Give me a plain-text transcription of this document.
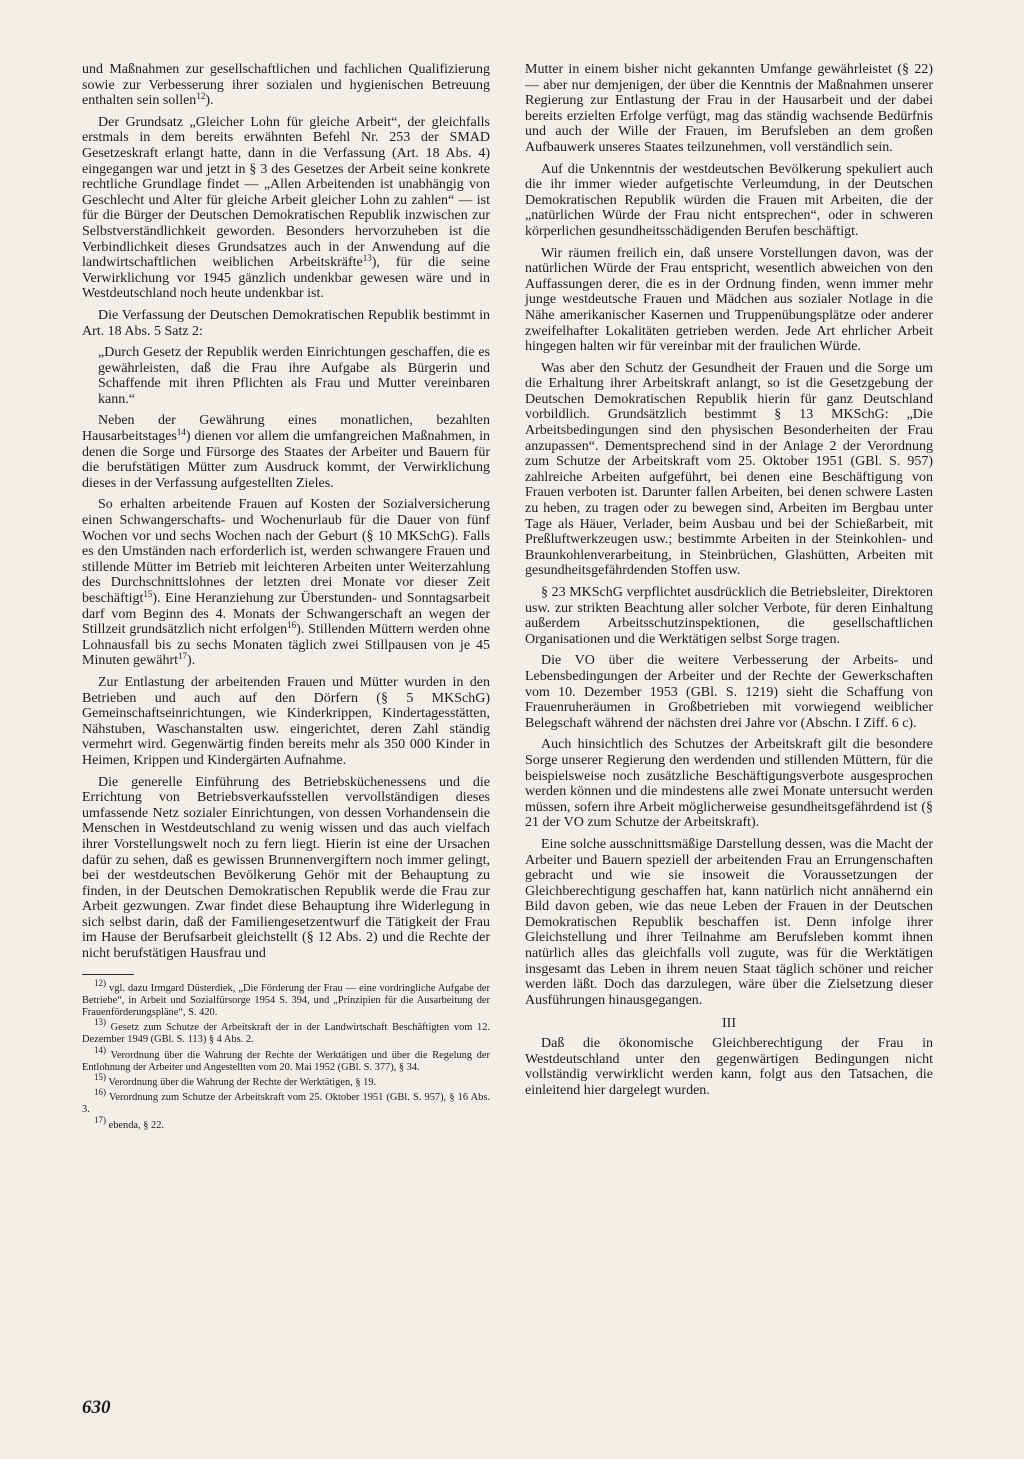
und Maßnahmen zur gesellschaftlichen und fachlichen Qualifizierung sowie zur Verbesserung ihrer sozialen und hygienischen Betreuung enthalten sein sollen$^{12}$).

Der Grundsatz „Gleicher Lohn für gleiche Arbeit“, der gleichfalls erstmals in dem bereits erwähnten Befehl Nr. 253 der SMAD Gesetzeskraft erlangt hatte, dann in die Verfassung (Art. 18 Abs. 4) eingegangen war und jetzt in § 3 des Gesetzes der Arbeit seine konkrete rechtliche Grundlage findet — „Allen Arbeitenden ist unabhängig von Geschlecht und Alter für gleiche Arbeit gleicher Lohn zu zahlen“ — ist für die Bürger der Deutschen Demokratischen Republik inzwischen zur Selbstverständlichkeit geworden. Besonders hervorzuheben ist die Verbindlichkeit dieses Grundsatzes auch in der Anwendung auf die landwirtschaftlichen weiblichen Arbeitskräfte$^{13}$), für die seine Verwirklichung vor 1945 gänzlich undenkbar gewesen wäre und in Westdeutschland noch heute undenkbar ist.

Die Verfassung der Deutschen Demokratischen Republik bestimmt in Art. 18 Abs. 5 Satz 2:

„Durch Gesetz der Republik werden Einrichtungen geschaffen, die es gewährleisten, daß die Frau ihre Aufgabe als Bürgerin und Schaffende mit ihren Pflichten als Frau und Mutter vereinbaren kann.“

Neben der Gewährung eines monatlichen, bezahlten Hausarbeitstages$^{14}$) dienen vor allem die umfangreichen Maßnahmen, in denen die Sorge und Fürsorge des Staates der Arbeiter und Bauern für die berufstätigen Mütter zum Ausdruck kommt, der Verwirklichung dieses in der Verfassung aufgestellten Zieles.

So erhalten arbeitende Frauen auf Kosten der Sozialversicherung einen Schwangerschafts- und Wochenurlaub für die Dauer von fünf Wochen vor und sechs Wochen nach der Geburt (§ 10 MKSchG). Falls es den Umständen nach erforderlich ist, werden schwangere Frauen und stillende Mütter im Betrieb mit leichteren Arbeiten unter Weiterzahlung des Durchschnittslohnes der letzten drei Monate vor dieser Zeit beschäftigt$^{15}$). Eine Heranziehung zur Überstunden- und Sonntagsarbeit darf vom Beginn des 4. Monats der Schwangerschaft an wegen der Stillzeit grundsätzlich nicht erfolgen$^{16}$). Stillenden Müttern werden ohne Lohnausfall bis zu sechs Monaten täglich zwei Stillpausen von je 45 Minuten gewährt$^{17}$).

Zur Entlastung der arbeitenden Frauen und Mütter wurden in den Betrieben und auch auf den Dörfern (§ 5 MKSchG) Gemeinschaftseinrichtungen, wie Kinderkrippen, Kindertagesstätten, Nähstuben, Waschanstalten usw. eingerichtet, deren Zahl ständig vermehrt wird. Gegenwärtig finden bereits mehr als 350 000 Kinder in Heimen, Krippen und Kindergärten Aufnahme.

Die generelle Einführung des Betriebsküchenessens und die Errichtung von Betriebsverkaufsstellen vervollständigen dieses umfassende Netz sozialer Einrichtungen, von dessen Vorhandensein die Menschen in Westdeutschland zu wenig wissen und das auch vielfach ihrer Vorstellungswelt noch zu fern liegt. Hierin ist eine der Ursachen dafür zu sehen, daß es gewissen Brunnenvergiftern noch immer gelingt, bei der westdeutschen Bevölkerung Gehör mit der Behauptung zu finden, in der Deutschen Demokratischen Republik werde die Frau zur Arbeit gezwungen. Zwar findet diese Behauptung ihre Widerlegung in sich selbst darin, daß der Familiengesetzentwurf die Tätigkeit der Frau im Hause der Berufsarbeit gleichstellt (§ 12 Abs. 2) und die Rechte der nicht berufstätigen Hausfrau und

$^{12)}$ vgl. dazu Irmgard Düsterdiek, „Die Förderung der Frau — eine vordringliche Aufgabe der Betriebe“, in Arbeit und Sozialfürsorge 1954 S. 394, und „Prinzipien für die Ausarbeitung der Frauenförderungspläne“, S. 420.

$^{13)}$ Gesetz zum Schutze der Arbeitskraft der in der Landwirtschaft Beschäftigten vom 12. Dezember 1949 (GBl. S. 113) § 4 Abs. 2.

$^{14)}$ Verordnung über die Wahrung der Rechte der Werktätigen und über die Regelung der Entlohnung der Arbeiter und Angestellten vom 20. Mai 1952 (GBl. S. 377), § 34.

$^{15)}$ Verordnung über die Wahrung der Rechte der Werktätigen, § 19.

$^{16)}$ Verordnung zum Schutze der Arbeitskraft vom 25. Oktober 1951 (GBl. S. 957), § 16 Abs. 3.

$^{17)}$ ebenda, § 22.

Mutter in einem bisher nicht gekannten Umfange gewährleistet (§ 22) — aber nur demjenigen, der über die Kenntnis der Maßnahmen unserer Regierung zur Entlastung der Frau in der Hausarbeit und der dabei bereits erzielten Erfolge verfügt, mag das ständig wachsende Bedürfnis und auch der Wille der Frauen, im Berufsleben an dem großen Aufbauwerk unseres Staates teilzunehmen, voll verständlich sein.

Auf die Unkenntnis der westdeutschen Bevölkerung spekuliert auch die ihr immer wieder aufgetischte Verleumdung, in der Deutschen Demokratischen Republik würden die Frauen mit Arbeiten, die der „natürlichen Würde der Frau nicht entsprechen“, oder in schweren körperlichen gesundheitsschädigenden Berufen beschäftigt.

Wir räumen freilich ein, daß unsere Vorstellungen davon, was der natürlichen Würde der Frau entspricht, wesentlich abweichen von den Auffassungen derer, die es in der Ordnung finden, wenn immer mehr junge westdeutsche Frauen und Mädchen aus sozialer Notlage in die Nähe amerikanischer Kasernen und Truppenübungsplätze oder anderer zweifelhafter Lokalitäten getrieben werden. Jede Art ehrlicher Arbeit hingegen halten wir für vereinbar mit der fraulichen Würde.

Was aber den Schutz der Gesundheit der Frauen und die Sorge um die Erhaltung ihrer Arbeitskraft anlangt, so ist die Gesetzgebung der Deutschen Demokratischen Republik hierin für ganz Deutschland vorbildlich. Grundsätzlich bestimmt § 13 MKSchG: „Die Arbeitsbedingungen sind den physischen Besonderheiten der Frau anzupassen“. Dementsprechend sind in der Anlage 2 der Verordnung zum Schutze der Arbeitskraft vom 25. Oktober 1951 (GBl. S. 957) zahlreiche Arbeiten aufgeführt, bei denen eine Beschäftigung von Frauen verboten ist. Darunter fallen Arbeiten, bei denen schwere Lasten zu heben, zu tragen oder zu bewegen sind, Arbeiten im Bergbau unter Tage als Häuer, Verlader, beim Ausbau und bei der Schießarbeit, mit Preßluftwerkzeugen usw.; bestimmte Arbeiten in der Steinkohlen- und Braunkohlenverarbeitung, in Steinbrüchen, Glashütten, Arbeiten mit gesundheitsgefährdenden Stoffen usw.

§ 23 MKSchG verpflichtet ausdrücklich die Betriebsleiter, Direktoren usw. zur strikten Beachtung aller solcher Verbote, für deren Einhaltung außerdem Arbeitsschutzinspektionen, die gesellschaftlichen Organisationen und die Werktätigen selbst Sorge tragen.

Die VO über die weitere Verbesserung der Arbeits- und Lebensbedingungen der Arbeiter und der Rechte der Gewerkschaften vom 10. Dezember 1953 (GBl. S. 1219) sieht die Schaffung von Frauenruheräumen in Großbetrieben mit vorwiegend weiblicher Belegschaft während der nächsten drei Jahre vor (Abschn. I Ziff. 6 c).

Auch hinsichtlich des Schutzes der Arbeitskraft gilt die besondere Sorge unserer Regierung den werdenden und stillenden Müttern, für die beispielsweise noch zusätzliche Beschäftigungsverbote ausgesprochen werden können und die mindestens alle zwei Monate untersucht werden müssen, sofern ihre Arbeit möglicherweise gesundheitsgefährdend ist (§ 21 der VO zum Schutze der Arbeitskraft).

Eine solche ausschnittsmäßige Darstellung dessen, was die Macht der Arbeiter und Bauern speziell der arbeitenden Frau an Errungenschaften gebracht und wie sie insoweit die Voraussetzungen der Gleichberechtigung geschaffen hat, kann natürlich nicht annähernd ein Bild davon geben, wie das neue Leben der Frauen in der Deutschen Demokratischen Republik beschaffen ist. Denn infolge ihrer Gleichstellung und ihrer Teilnahme am Berufsleben kommt ihnen natürlich alles das gleichfalls voll zugute, was für die Werktätigen insgesamt das Leben in ihrem neuen Staat täglich schöner und reicher werden läßt. Doch das darzulegen, wäre über die Zielsetzung dieser Ausführungen hinausgegangen.

III

Daß die ökonomische Gleichberechtigung der Frau in Westdeutschland unter den gegenwärtigen Bedingungen nicht vollständig verwirklicht werden kann, folgt aus den Tatsachen, die einleitend hier dargelegt wurden.

630
